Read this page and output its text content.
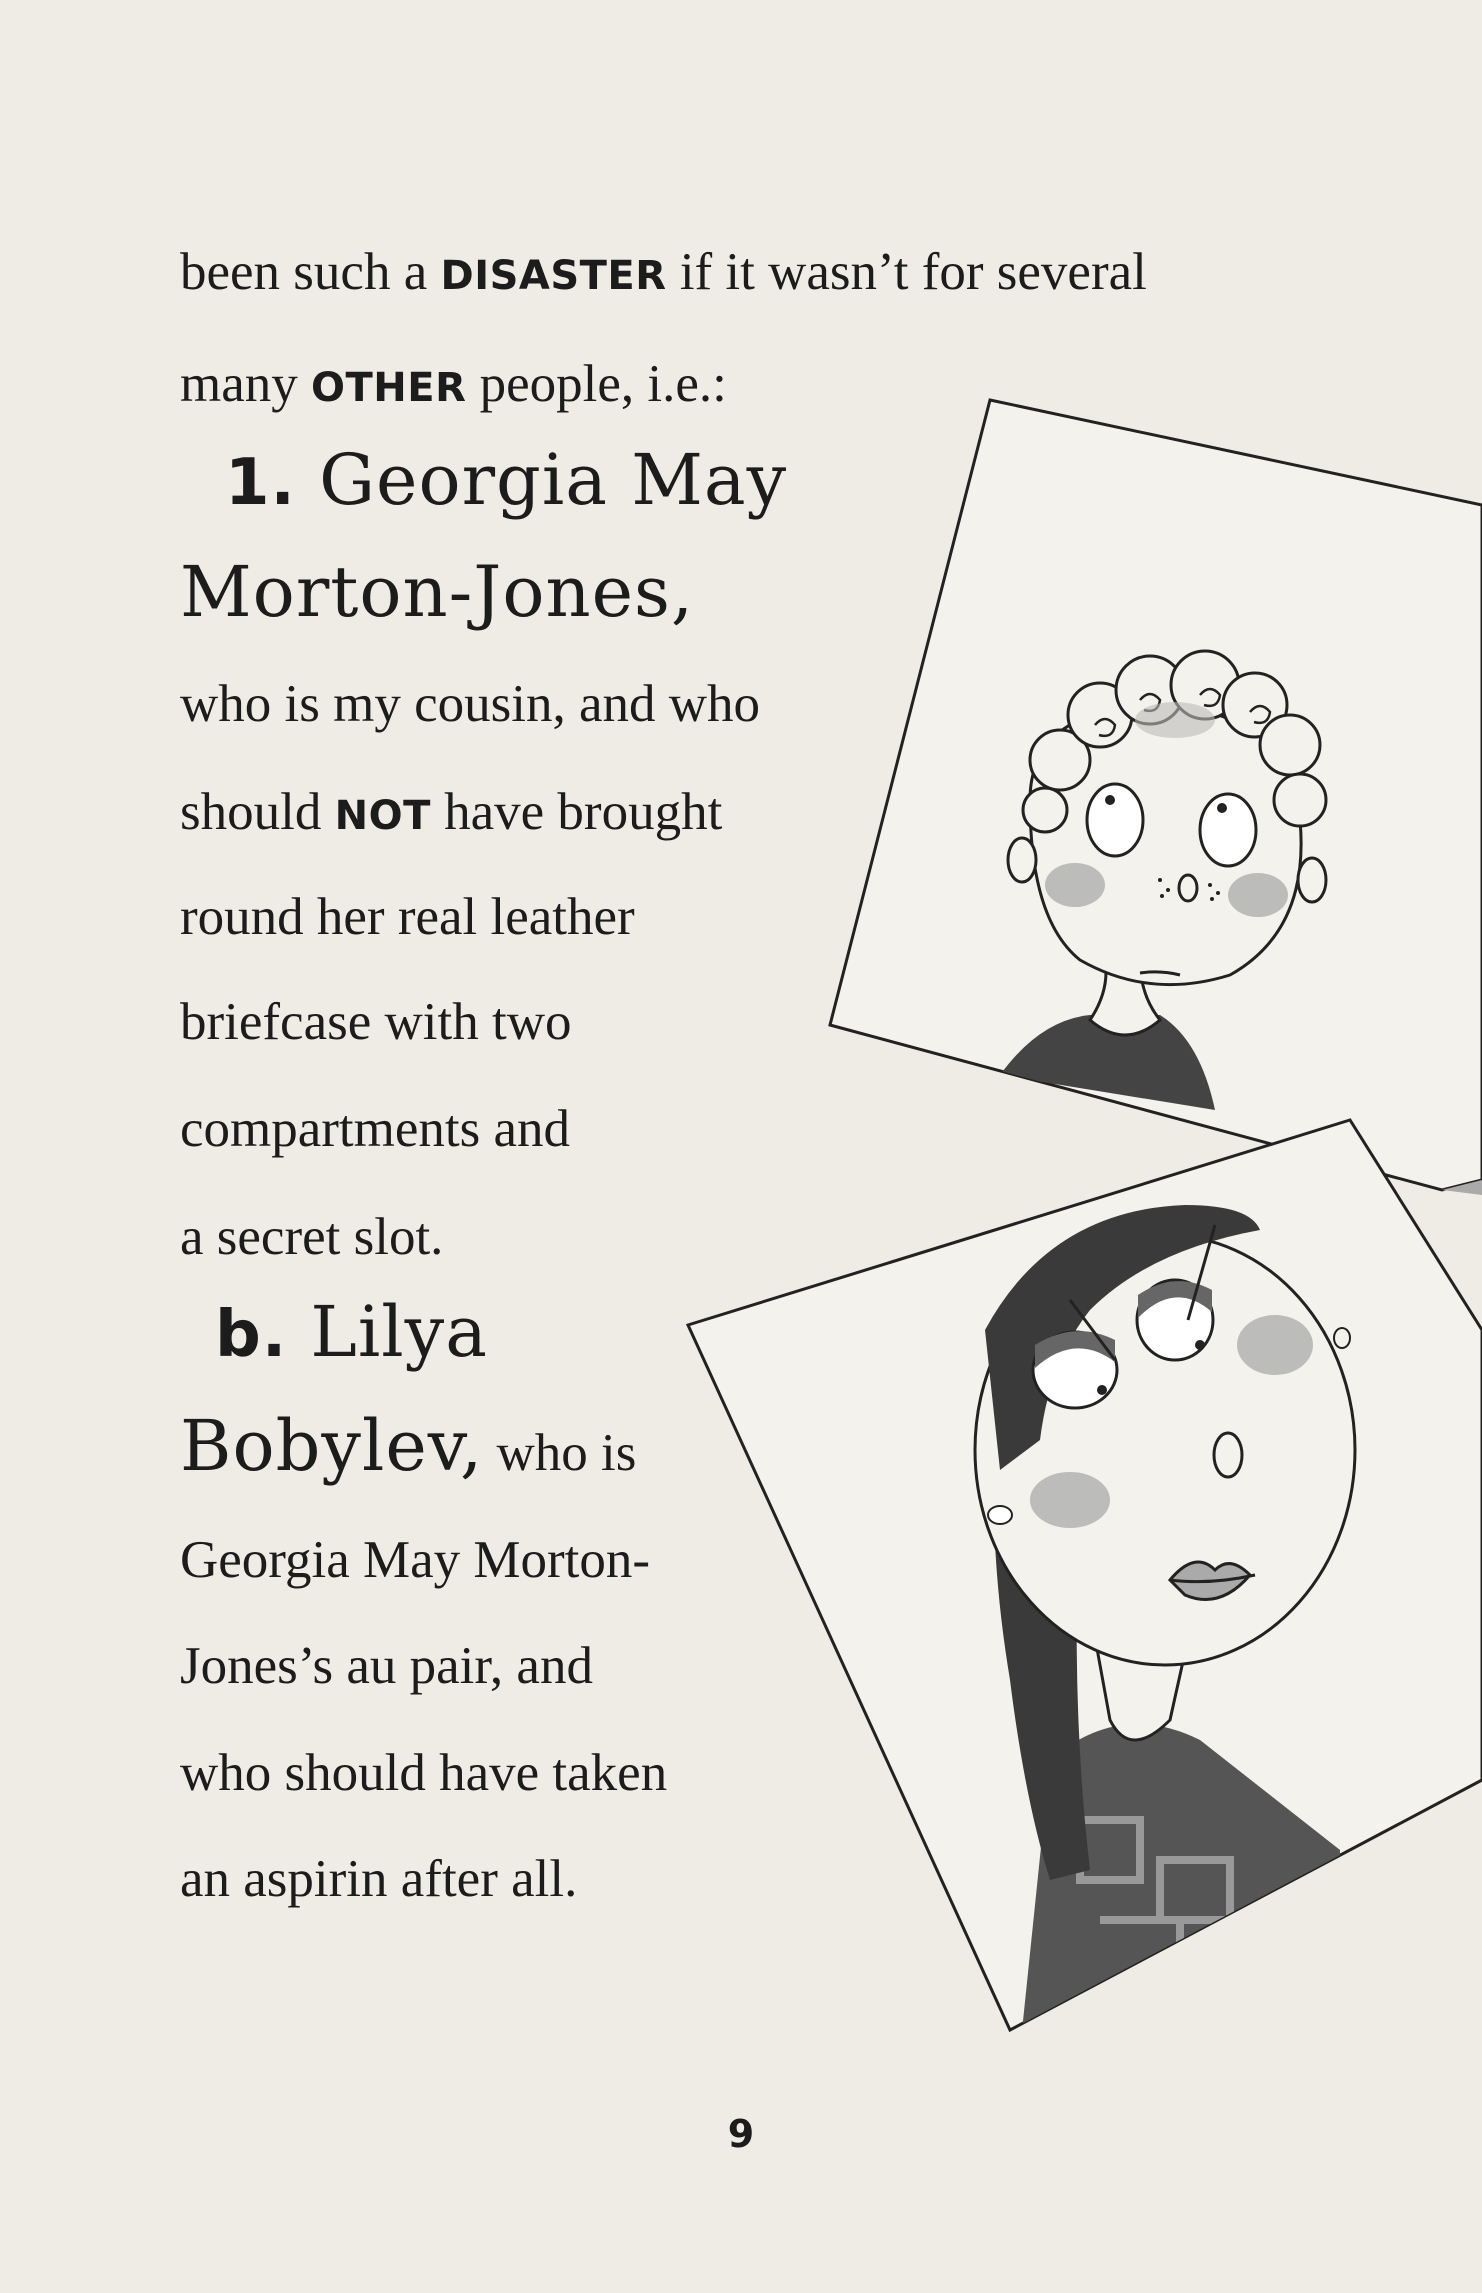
been such a DISASTER if it wasn’t for several
many OTHER people, i.e.:
1. Georgia May
Morton-Jones,
who is my cousin, and who
should NOT have brought
round her real leather
briefcase with two
compartments and
a secret slot.
b. Lilya
Bobylev, who is
Georgia May Morton-
Jones’s au pair, and
who should have taken
an aspirin after all.
9
